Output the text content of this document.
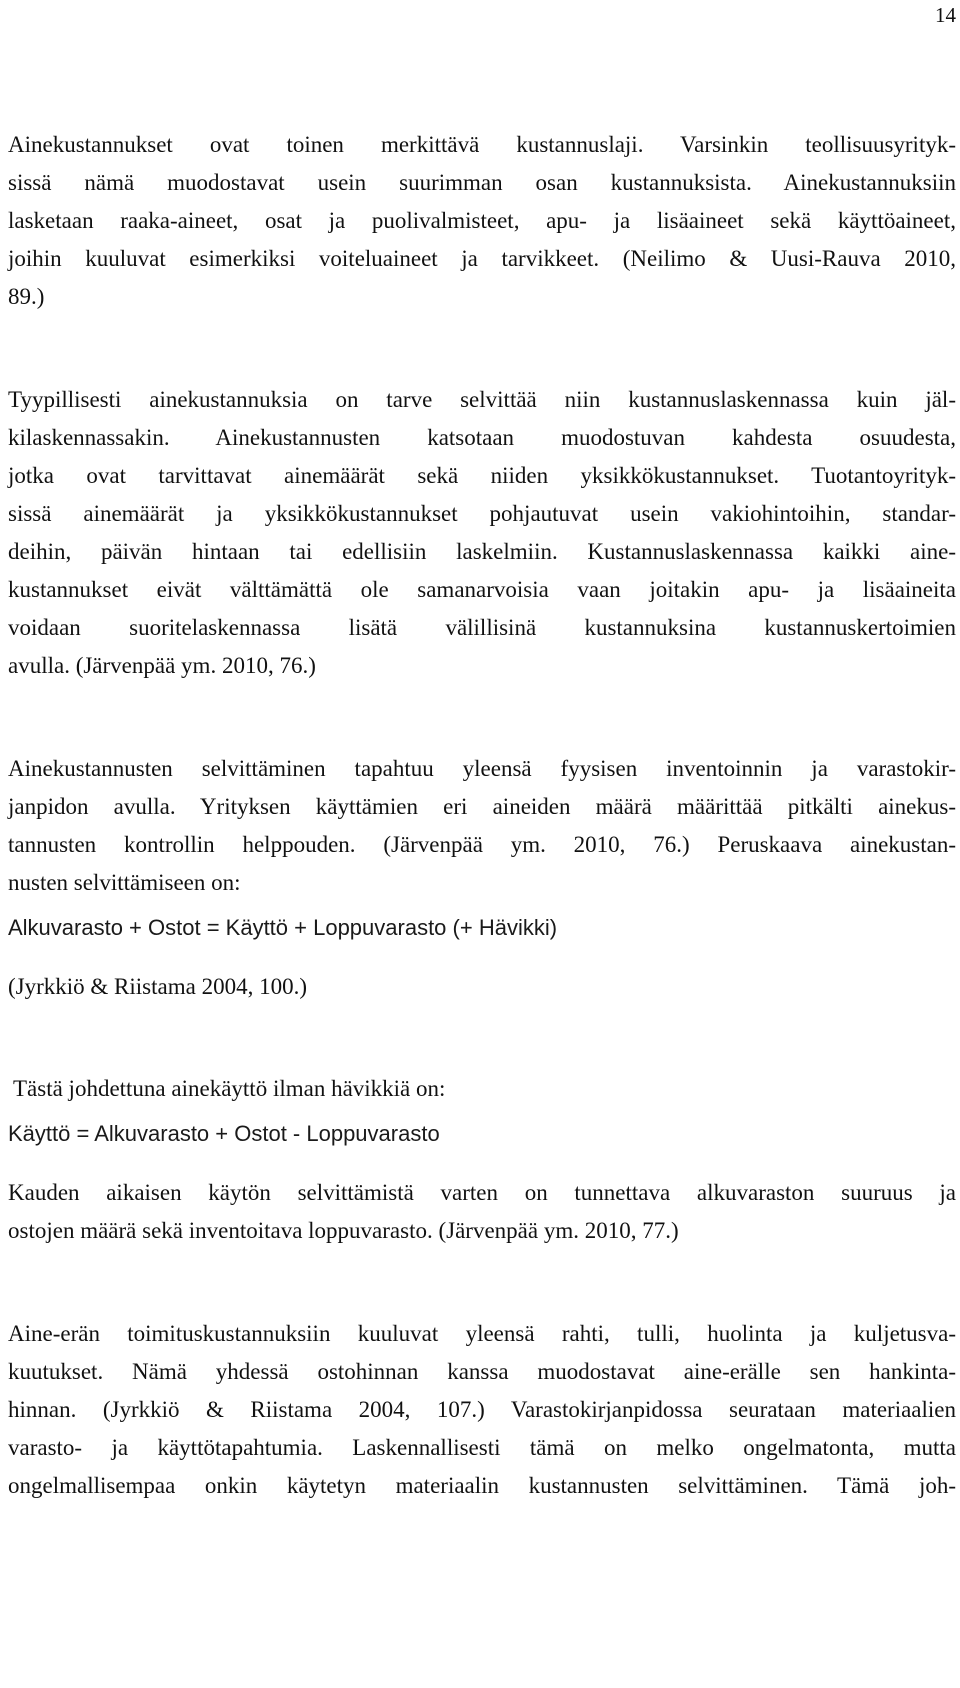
14
Ainekustannukset ovat toinen merkittävä kustannuslaji. Varsinkin teollisuusyrityk-
sissä nämä muodostavat usein suurimman osan kustannuksista. Ainekustannuksiin
lasketaan raaka-aineet, osat ja puolivalmisteet, apu- ja lisäaineet sekä käyttöaineet,
joihin kuuluvat esimerkiksi voiteluaineet ja tarvikkeet. (Neilimo & Uusi-Rauva 2010,
89.)
Tyypillisesti ainekustannuksia on tarve selvittää niin kustannuslaskennassa kuin jäl-
kilaskennassakin. Ainekustannusten katsotaan muodostuvan kahdesta osuudesta,
jotka ovat tarvittavat ainemäärät sekä niiden yksikkökustannukset. Tuotantoyrityk-
sissä ainemäärät ja yksikkökustannukset pohjautuvat usein vakiohintoihin, standar-
deihin, päivän hintaan tai edellisiin laskelmiin. Kustannuslaskennassa kaikki aine-
kustannukset eivät välttämättä ole samanarvoisia vaan joitakin apu- ja lisäaineita
voidaan suoritelaskennassa lisätä välillisinä kustannuksina kustannuskertoimien
avulla. (Järvenpää ym. 2010, 76.)
Ainekustannusten selvittäminen tapahtuu yleensä fyysisen inventoinnin ja varastokir-
janpidon avulla. Yrityksen käyttämien eri aineiden määrä määrittää pitkälti ainekus-
tannusten kontrollin helppouden. (Järvenpää ym. 2010, 76.) Peruskaava ainekustan-
nusten selvittämiseen on:
Alkuvarasto + Ostot = Käyttö + Loppuvarasto (+ Hävikki)
(Jyrkkiö & Riistama 2004, 100.)
Tästä johdettuna ainekäyttö ilman hävikkiä on:
Käyttö = Alkuvarasto + Ostot - Loppuvarasto
Kauden aikaisen käytön selvittämistä varten on tunnettava alkuvaraston suuruus ja
ostojen määrä sekä inventoitava loppuvarasto. (Järvenpää ym. 2010, 77.)
Aine-erän toimituskustannuksiin kuuluvat yleensä rahti, tulli, huolinta ja kuljetusva-
kuutukset. Nämä yhdessä ostohinnan kanssa muodostavat aine-erälle sen hankinta-
hinnan. (Jyrkkiö & Riistama 2004, 107.) Varastokirjanpidossa seurataan materiaalien
varasto- ja käyttötapahtumia. Laskennallisesti tämä on melko ongelmatonta, mutta
ongelmallisempaa onkin käytetyn materiaalin kustannusten selvittäminen. Tämä joh-
